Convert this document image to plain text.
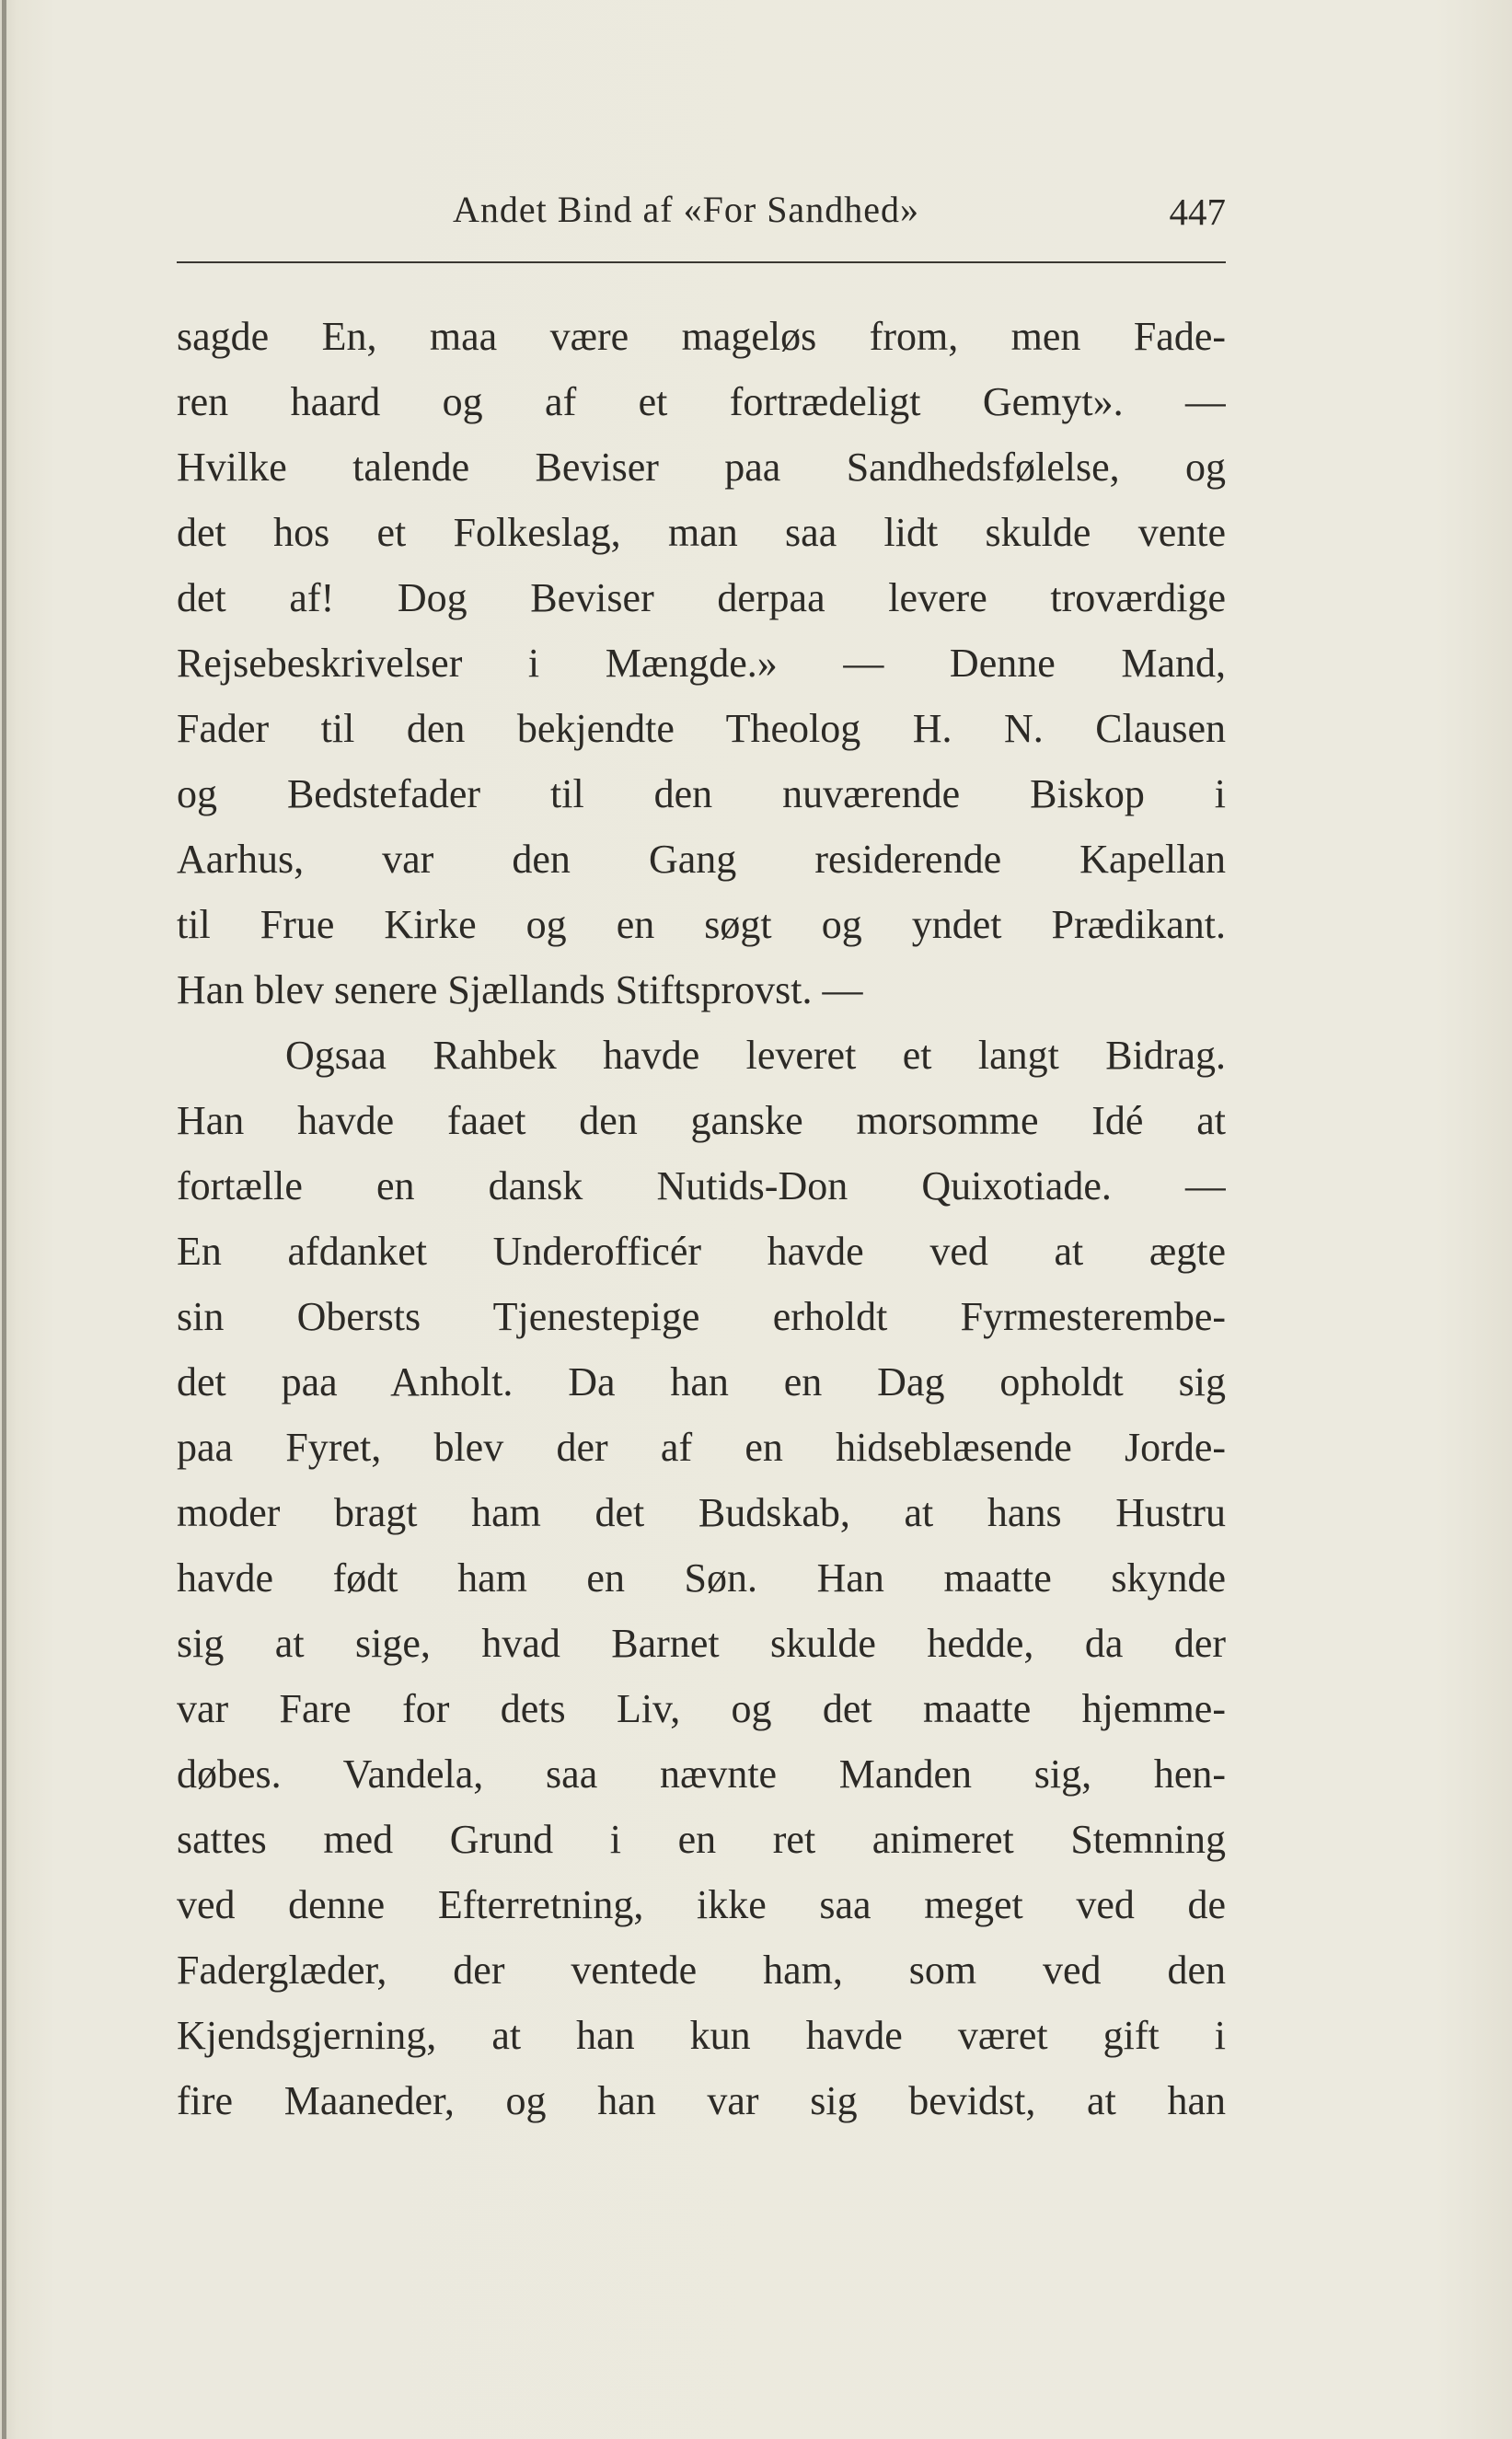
Andet Bind af «For Sandhed»	447
sagde En, maa være mageløs from, men Fade-
ren haard og af et fortrædeligt Gemyt». —
Hvilke talende Beviser paa Sandhedsfølelse, og
det hos et Folkeslag, man saa lidt skulde vente
det af! Dog Beviser derpaa levere troværdige
Rejsebeskrivelser i Mængde.» — Denne Mand,
Fader til den bekjendte Theolog H. N. Clausen
og Bedstefader til den nuværende Biskop i
Aarhus, var den Gang residerende Kapellan
til Frue Kirke og en søgt og yndet Prædikant.
Han blev senere Sjællands Stiftsprovst. —
Ogsaa Rahbek havde leveret et langt Bidrag.
Han havde faaet den ganske morsomme Idé at
fortælle en dansk Nutids-Don Quixotiade. —
En afdanket Underofficér havde ved at ægte
sin Obersts Tjenestepige erholdt Fyrmesterembe-
det paa Anholt. Da han en Dag opholdt sig
paa Fyret, blev der af en hidseblæsende Jorde-
moder bragt ham det Budskab, at hans Hustru
havde født ham en Søn. Han maatte skynde
sig at sige, hvad Barnet skulde hedde, da der
var Fare for dets Liv, og det maatte hjemme-
døbes. Vandela, saa nævnte Manden sig, hen-
sattes med Grund i en ret animeret Stemning
ved denne Efterretning, ikke saa meget ved de
Faderglæder, der ventede ham, som ved den
Kjendsgjerning, at han kun havde været gift i
fire Maaneder, og han var sig bevidst, at han
